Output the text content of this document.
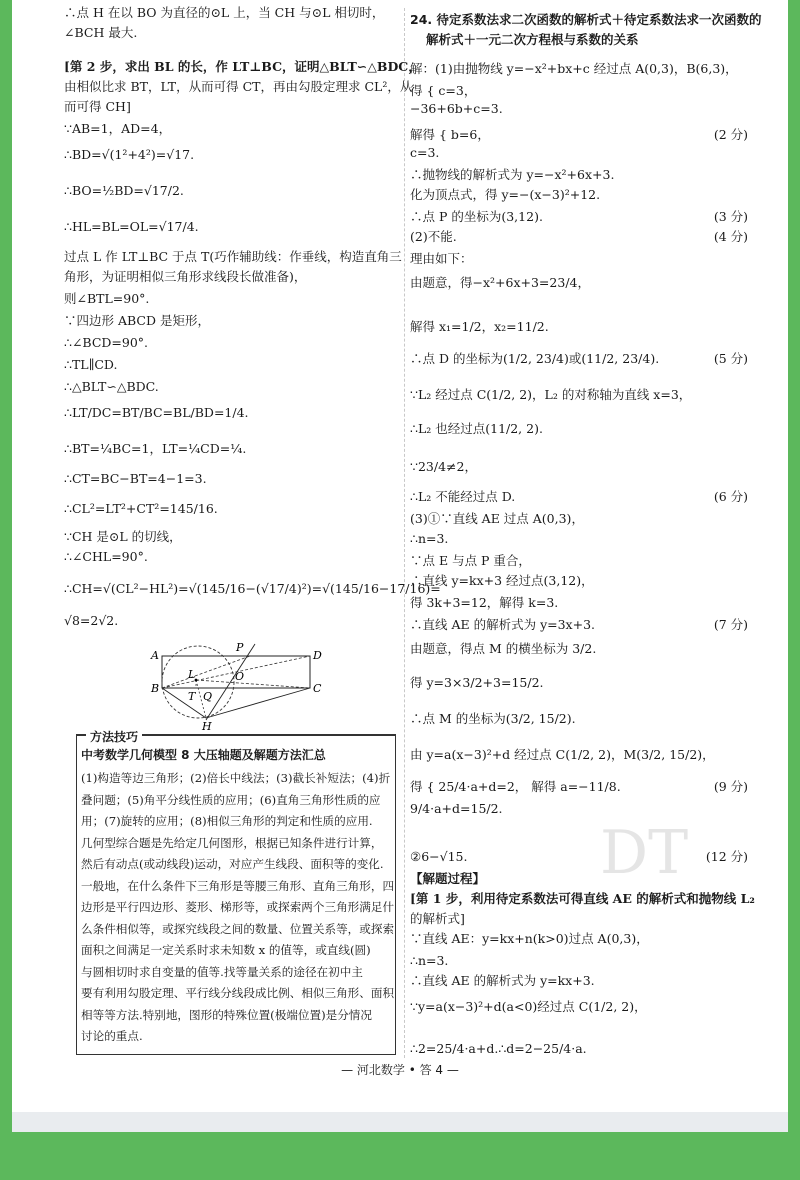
∴点 H 在以 BO 为直径的⊙L 上，当 CH 与⊙L 相切时，
∠BCH 最大.
[第 2 步，求出 BL 的长，作 LT⊥BC，证明△BLT∽△BDC，
由相似比求 BT，LT，从而可得 CT，再由勾股定理求 CL²，从
而可得 CH]
∵AB=1，AD=4，
∴BD=√(1²+4²)=√17.
∴BO=½BD=√17/2.
∴HL=BL=OL=√17/4.
过点 L 作 LT⊥BC 于点 T(巧作辅助线：作垂线，构造直角三
角形，为证明相似三角形求线段长做准备)，
则∠BTL=90°.
∵四边形 ABCD 是矩形，
∴∠BCD=90°.
∴TL∥CD.
∴△BLT∽△BDC.
∴LT/DC=BT/BC=BL/BD=1/4.
∴BT=¼BC=1，LT=¼CD=¼.
∴CT=BC−BT=4−1=3.
∴CL²=LT²+CT²=145/16.
∵CH 是⊙L 的切线，
∴∠CHL=90°.
∴CH=√(CL²−HL²)=√(145/16−(√17/4)²)=√(145/16−17/16)=
√8=2√2.
A
B	C
D
P
L	O
T Q
H
方法技巧
中考数学几何模型 8 大压轴题及解题方法汇总
(1)构造等边三角形；(2)倍长中线法；(3)截长补短法；(4)折
叠问题；(5)角平分线性质的应用；(6)直角三角形性质的应
用；(7)旋转的应用；(8)相似三角形的判定和性质的应用.
几何型综合题是先给定几何图形，根据已知条件进行计算，
然后有动点(或动线段)运动，对应产生线段、面积等的变化.
一般地，在什么条件下三角形是等腰三角形、直角三角形，四
边形是平行四边形、菱形、梯形等，或探索两个三角形满足什
么条件相似等，或探究线段之间的数量、位置关系等，或探索
面积之间满足一定关系时求未知数 x 的值等，或直线(圆)
与圆相切时求自变量的值等.找等量关系的途径在初中主
要有利用勾股定理、平行线分线段成比例、相似三角形、面积
相等等方法.特别地，图形的特殊位置(极端位置)是分情况
讨论的重点.
24. 待定系数法求二次函数的解析式＋待定系数法求一次函数的
解析式＋一元二次方程根与系数的关系
解：(1)由抛物线 y=−x²+bx+c 经过点 A(0,3)，B(6,3)，
得 { c=3，
−36+6b+c=3.
解得 { b=6，	(2 分)
c=3.
∴抛物线的解析式为 y=−x²+6x+3.
化为顶点式，得 y=−(x−3)²+12.
∴点 P 的坐标为(3,12).	(3 分)
(2)不能.	(4 分)
理由如下：
由题意，得−x²+6x+3=23/4，
解得 x₁=1/2，x₂=11/2.
∴点 D 的坐标为(1/2, 23/4)或(11/2, 23/4).	(5 分)
∵L₂ 经过点 C(1/2, 2)，L₂ 的对称轴为直线 x=3，
∴L₂ 也经过点(11/2, 2).
∵23/4≠2，
∴L₂ 不能经过点 D.	(6 分)
(3)①∵直线 AE 过点 A(0,3)，
∴n=3.
∵点 E 与点 P 重合，
∴直线 y=kx+3 经过点(3,12)，
得 3k+3=12，解得 k=3.
∴直线 AE 的解析式为 y=3x+3.	(7 分)
由题意，得点 M 的横坐标为 3/2.
得 y=3×3/2+3=15/2.
∴点 M 的坐标为(3/2, 15/2).
由 y=a(x−3)²+d 经过点 C(1/2, 2)，M(3/2, 15/2)，
得 { 25/4·a+d=2， 解得 a=−11/8.	(9 分)
9/4·a+d=15/2.
②6−√15.	(12 分)
【解题过程】
[第 1 步，利用待定系数法可得直线 AE 的解析式和抛物线 L₂
的解析式]
∵直线 AE：y=kx+n(k>0)过点 A(0,3)，
∴n=3.
∴直线 AE 的解析式为 y=kx+3.
∵y=a(x−3)²+d(a<0)经过点 C(1/2, 2)，
∴2=25/4·a+d.∴d=2−25/4·a.
DT
— 河北数学 • 答 4 —
